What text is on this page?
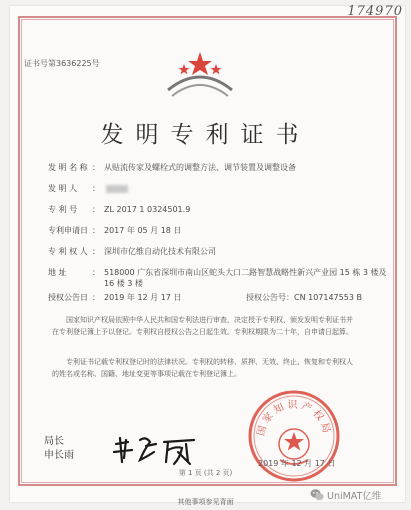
174970
证书号第3636225号
发明专利证书
发 明 名 称 ： 从贴流传家及螺栓式的调整方法、调节装置及调整设备
发 明 人 ：
专 利 号 ： ZL 2017 1 0324501.9
专利申请日 ： 2017 年 05 月 18 日
专 利 权 人 ： 深圳市亿维自动化技术有限公司
地 址	： 518000 广东省深圳市南山区蛇头大口二路智慧战略性新兴产业园 15 栋 3 楼及 16 楼 3 楼
授权公告日 ： 2019 年 12 月 17 日	授权公告号：CN 107147553 B
国家知识产权局依照中华人民共和国专利法进行审查，决定授予专利权，颁发发明专利证书并在专利登记簿上予以登记。专利权自授权公告之日起生效。专利权期限为二十年，自申请日起算。
专利证书记载专利权登记时的法律状况。专利权的转移、质押、无效、终止、恢复和专利权人的姓名或名称、国籍、地址变更等事项记载在专利登记簿上。
局长
申长雨
国家知识产权局
2019 年 12 月 17 日
第 1 页 (共 2 页)
其他事项参见背面	UniMAT亿维
